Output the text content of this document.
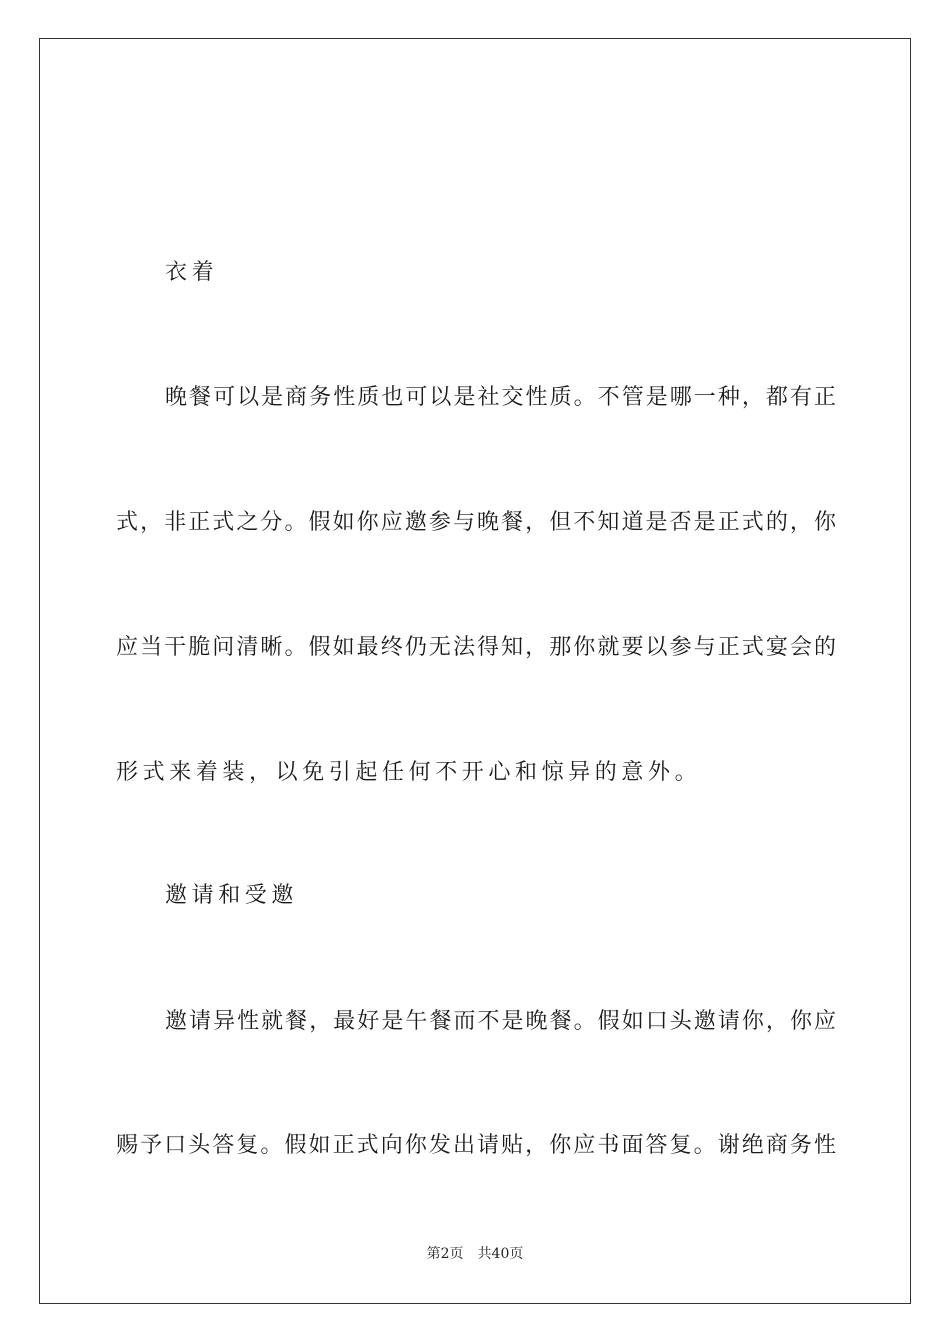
衣着
晚餐可以是商务性质也可以是社交性质。不管是哪一种，都有正
式，非正式之分。假如你应邀参与晚餐，但不知道是否是正式的，你
应当干脆问清晰。假如最终仍无法得知，那你就要以参与正式宴会的
形式来着装，以免引起任何不开心和惊异的意外。
邀请和受邀
邀请异性就餐，最好是午餐而不是晚餐。假如口头邀请你，你应
赐予口头答复。假如正式向你发出请贴，你应书面答复。谢绝商务性
第2页 共40页
